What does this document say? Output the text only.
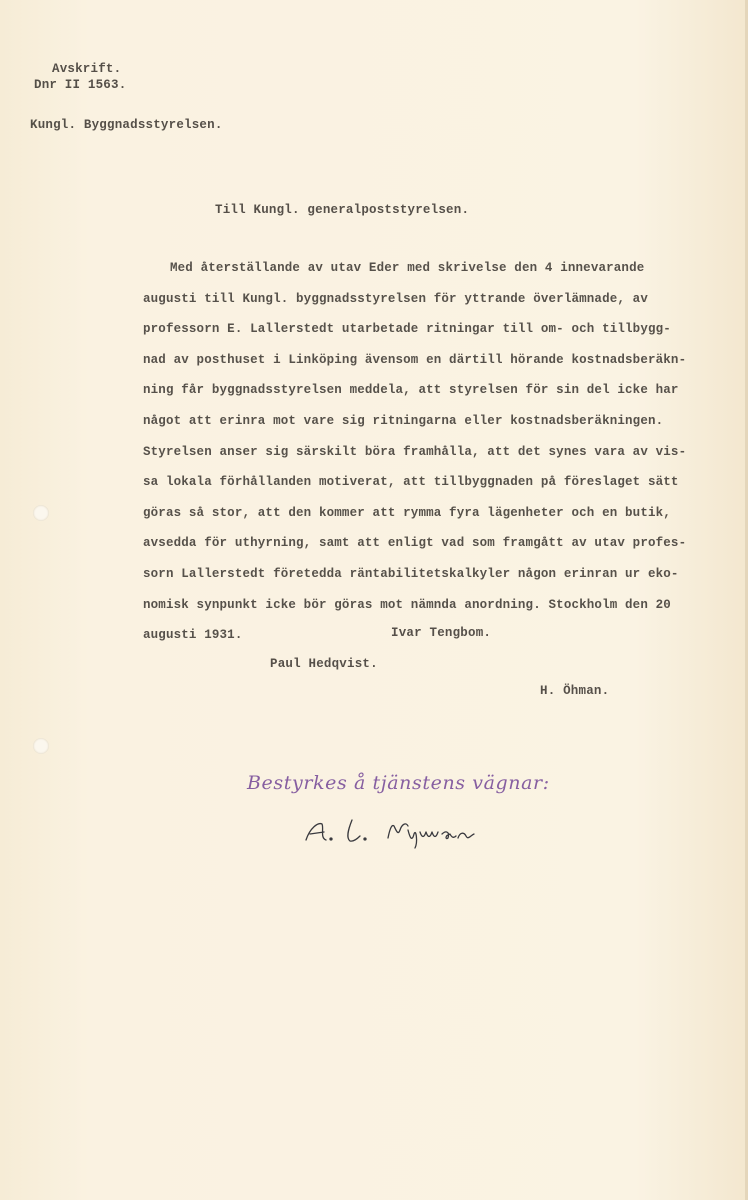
Avskrift.
Dnr II 1563.
Kungl. Byggnadsstyrelsen.
Till Kungl. generalpoststyrelsen.
Med återställande av utav Eder med skrivelse den 4 innevarande
augusti till Kungl. byggnadsstyrelsen för yttrande överlämnade, av
professorn E. Lallerstedt utarbetade ritningar till om- och tillbygg-
nad av posthuset i Linköping ävensom en därtill hörande kostnadsberäkn-
ning får byggnadsstyrelsen meddela, att styrelsen för sin del icke har
något att erinra mot vare sig ritningarna eller kostnadsberäkningen.
Styrelsen anser sig särskilt böra framhålla, att det synes vara av vis-
sa lokala förhållanden motiverat, att tillbyggnaden på föreslaget sätt
göras så stor, att den kommer att rymma fyra lägenheter och en butik,
avsedda för uthyrning, samt att enligt vad som framgått av utav profes-
sorn Lallerstedt företedda räntabilitetskalkyler någon erinran ur eko-
nomisk synpunkt icke bör göras mot nämnda anordning. Stockholm den 20
augusti 1931.	Ivar Tengbom.
Paul Hedqvist.
H. Öhman.
Bestyrkes å tjänstens vägnar:
